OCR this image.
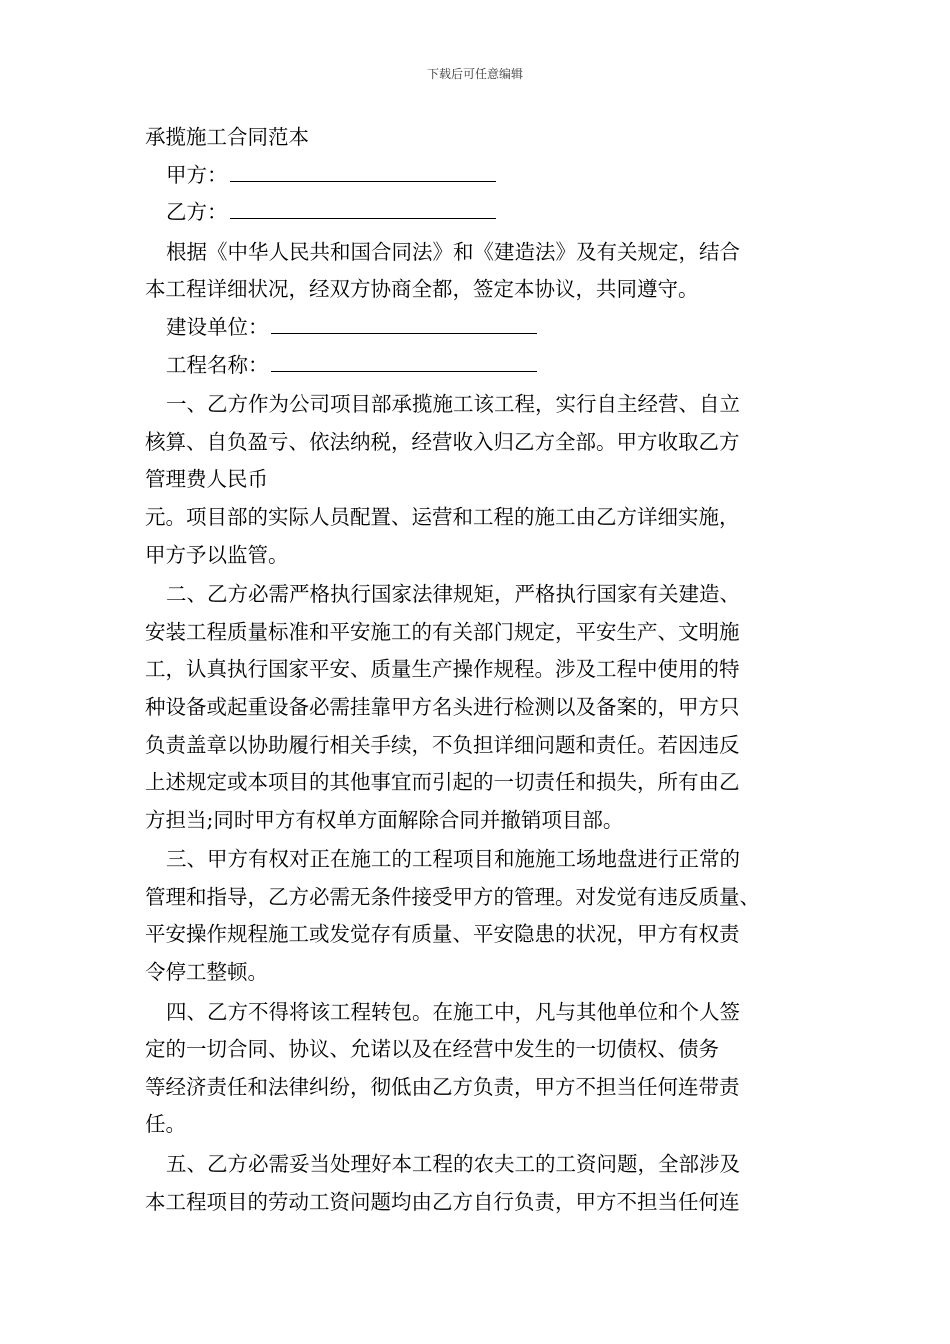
下载后可任意编辑
承揽施工合同范本
甲方：
乙方：
根据《中华人民共和国合同法》和《建造法》及有关规定，结合
本工程详细状况，经双方协商全都，签定本协议，共同遵守。
建设单位：
工程名称：
一、乙方作为公司项目部承揽施工该工程，实行自主经营、自立
核算、自负盈亏、依法纳税，经营收入归乙方全部。甲方收取乙方
管理费人民币
元。项目部的实际人员配置、运营和工程的施工由乙方详细实施，
甲方予以监管。
二、乙方必需严格执行国家法律规矩，严格执行国家有关建造、
安装工程质量标准和平安施工的有关部门规定，平安生产、文明施
工，认真执行国家平安、质量生产操作规程。涉及工程中使用的特
种设备或起重设备必需挂靠甲方名头进行检测以及备案的，甲方只
负责盖章以协助履行相关手续，不负担详细问题和责任。若因违反
上述规定或本项目的其他事宜而引起的一切责任和损失，所有由乙
方担当;同时甲方有权单方面解除合同并撤销项目部。
三、甲方有权对正在施工的工程项目和施施工场地盘进行正常的
管理和指导，乙方必需无条件接受甲方的管理。对发觉有违反质量、
平安操作规程施工或发觉存有质量、平安隐患的状况，甲方有权责
令停工整顿。
四、乙方不得将该工程转包。在施工中，凡与其他单位和个人签
定的一切合同、协议、允诺以及在经营中发生的一切债权、债务
等经济责任和法律纠纷，彻低由乙方负责，甲方不担当任何连带责
任。
五、乙方必需妥当处理好本工程的农夫工的工资问题，全部涉及
本工程项目的劳动工资问题均由乙方自行负责，甲方不担当任何连
